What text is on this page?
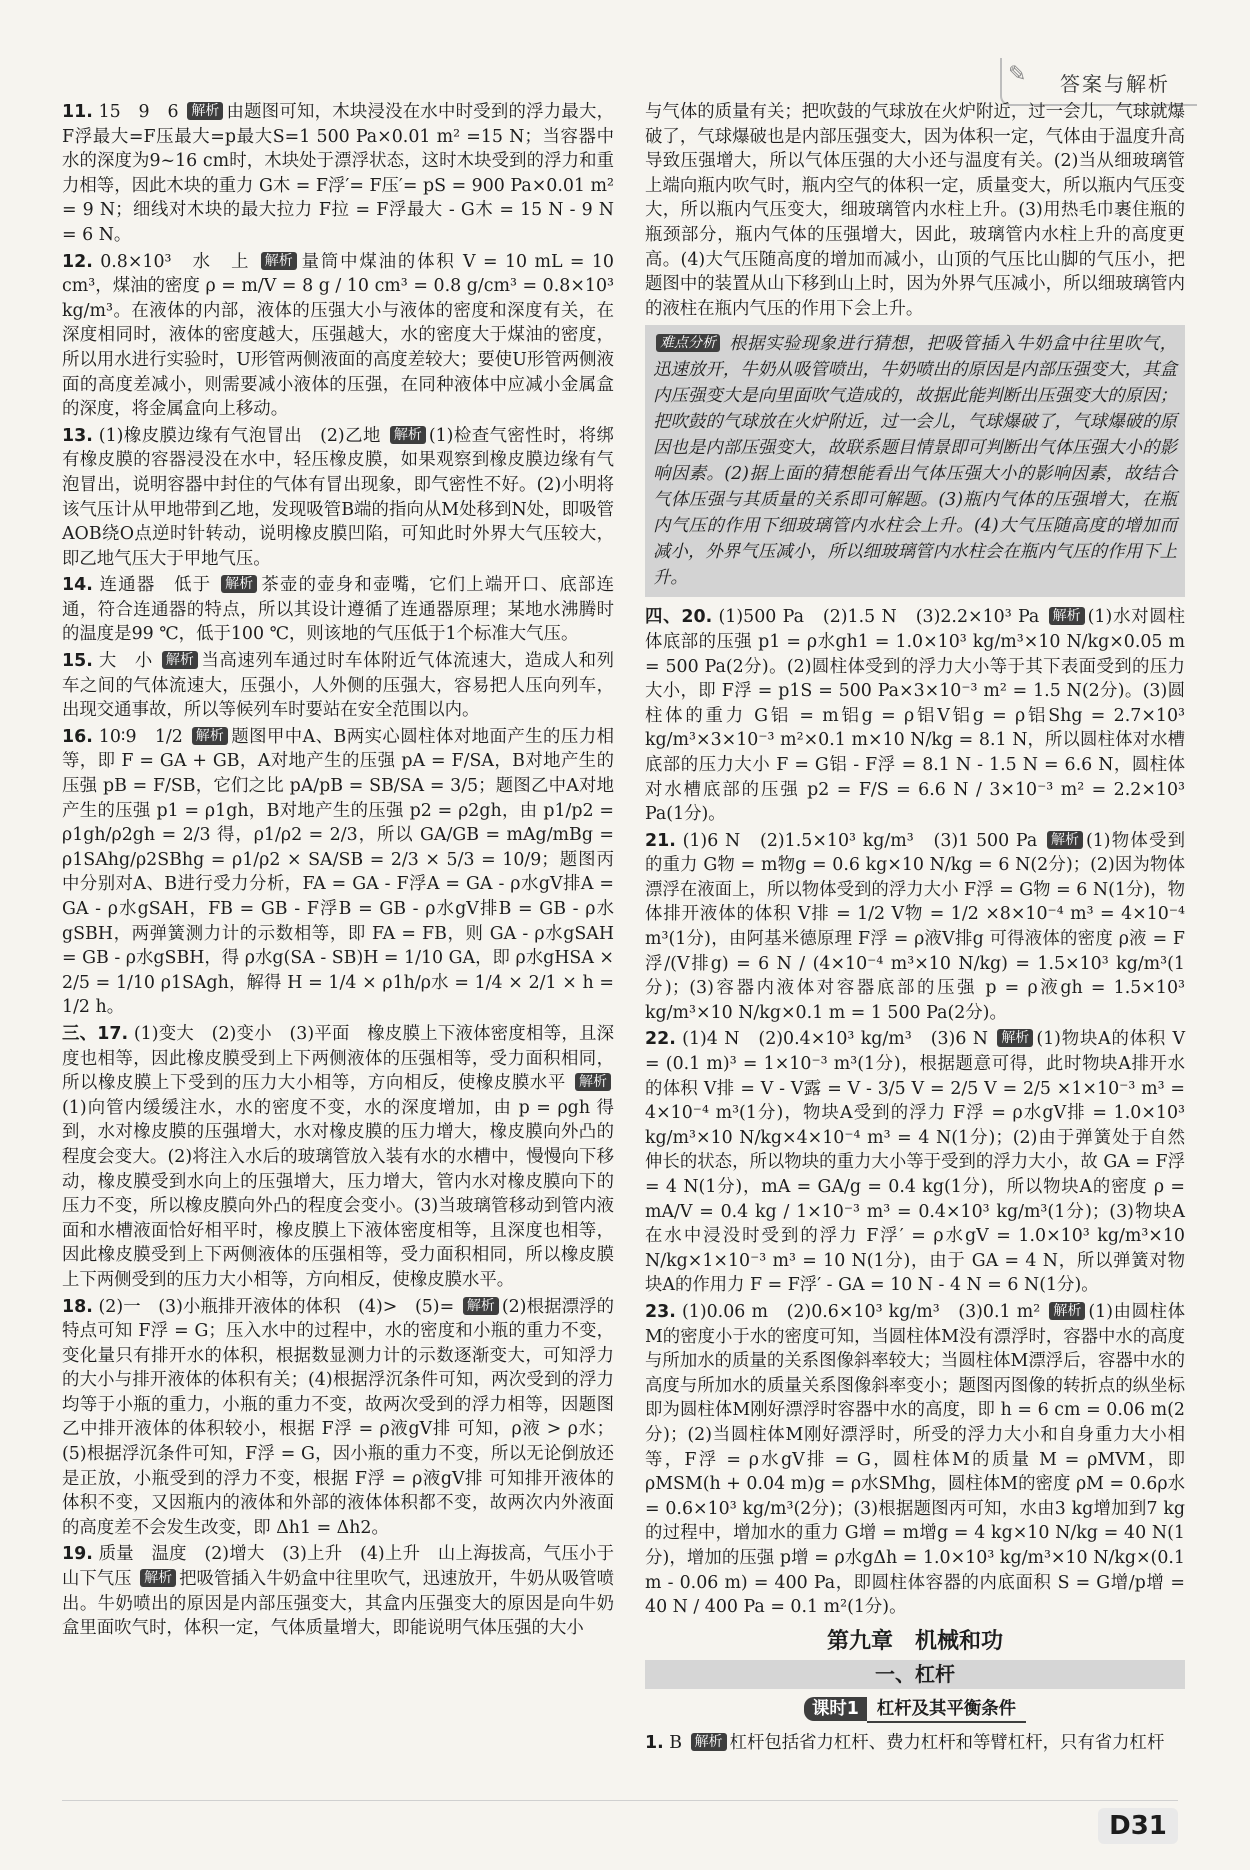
✎ 答案与解析
11. 15　9　6 解析 由题图可知，木块浸没在水中时受到的浮力最大，F浮最大=F压最大=p最大S=1 500 Pa×0.01 m² =15 N；当容器中水的深度为9~16 cm时，木块处于漂浮状态，这时木块受到的浮力和重力相等，因此木块的重力 G木 = F浮′= F压′= pS = 900 Pa×0.01 m² = 9 N；细线对木块的最大拉力 F拉 = F浮最大 - G木 = 15 N - 9 N = 6 N。
12. 0.8×10³　水　上 解析 量筒中煤油的体积 V = 10 mL = 10 cm³，煤油的密度 ρ = m/V = 8 g / 10 cm³ = 0.8 g/cm³ = 0.8×10³ kg/m³。在液体的内部，液体的压强大小与液体的密度和深度有关，在深度相同时，液体的密度越大，压强越大，水的密度大于煤油的密度，所以用水进行实验时，U形管两侧液面的高度差较大；要使U形管两侧液面的高度差减小，则需要减小液体的压强，在同种液体中应减小金属盒的深度，将金属盒向上移动。
13. (1)橡皮膜边缘有气泡冒出　(2)乙地 解析 (1)检查气密性时，将绑有橡皮膜的容器浸没在水中，轻压橡皮膜，如果观察到橡皮膜边缘有气泡冒出，说明容器中封住的气体有冒出现象，即气密性不好。(2)小明将该气压计从甲地带到乙地，发现吸管B端的指向从M处移到N处，即吸管AOB绕O点逆时针转动，说明橡皮膜凹陷，可知此时外界大气压较大，即乙地气压大于甲地气压。
14. 连通器　低于 解析 茶壶的壶身和壶嘴，它们上端开口、底部连通，符合连通器的特点，所以其设计遵循了连通器原理；某地水沸腾时的温度是99 ℃，低于100 ℃，则该地的气压低于1个标准大气压。
15. 大　小 解析 当高速列车通过时车体附近气体流速大，造成人和列车之间的气体流速大，压强小，人外侧的压强大，容易把人压向列车，出现交通事故，所以等候列车时要站在安全范围以内。
16. 10∶9　1/2 解析 题图甲中A、B两实心圆柱体对地面产生的压力相等，即 F = GA + GB，A对地产生的压强 pA = F/SA，B对地产生的压强 pB = F/SB，它们之比 pA/pB = SB/SA = 3/5；题图乙中A对地产生的压强 p1 = ρ1gh，B对地产生的压强 p2 = ρ2gh，由 p1/p2 = ρ1gh/ρ2gh = 2/3 得，ρ1/ρ2 = 2/3，所以 GA/GB = mAg/mBg = ρ1SAhg/ρ2SBhg = ρ1/ρ2 × SA/SB = 2/3 × 5/3 = 10/9；题图丙中分别对A、B进行受力分析，FA = GA - F浮A = GA - ρ水gV排A = GA - ρ水gSAH，FB = GB - F浮B = GB - ρ水gV排B = GB - ρ水gSBH，两弹簧测力计的示数相等，即 FA = FB，则 GA - ρ水gSAH = GB - ρ水gSBH，得 ρ水g(SA - SB)H = 1/10 GA，即 ρ水gHSA × 2/5 = 1/10 ρ1SAgh，解得 H = 1/4 × ρ1h/ρ水 = 1/4 × 2/1 × h = 1/2 h。
三、17. (1)变大　(2)变小　(3)平面　橡皮膜上下液体密度相等，且深度也相等，因此橡皮膜受到上下两侧液体的压强相等，受力面积相同，所以橡皮膜上下受到的压力大小相等，方向相反，使橡皮膜水平 解析(1)向管内缓缓注水，水的密度不变，水的深度增加，由 p = ρgh 得到，水对橡皮膜的压强增大，水对橡皮膜的压力增大，橡皮膜向外凸的程度会变大。(2)将注入水后的玻璃管放入装有水的水槽中，慢慢向下移动，橡皮膜受到水向上的压强增大，压力增大，管内水对橡皮膜向下的压力不变，所以橡皮膜向外凸的程度会变小。(3)当玻璃管移动到管内液面和水槽液面恰好相平时，橡皮膜上下液体密度相等，且深度也相等，因此橡皮膜受到上下两侧液体的压强相等，受力面积相同，所以橡皮膜上下两侧受到的压力大小相等，方向相反，使橡皮膜水平。
18. (2)一　(3)小瓶排开液体的体积　(4)>　(5)= 解析 (2)根据漂浮的特点可知 F浮 = G；压入水中的过程中，水的密度和小瓶的重力不变，变化量只有排开水的体积，根据数显测力计的示数逐渐变大，可知浮力的大小与排开液体的体积有关；(4)根据浮沉条件可知，两次受到的浮力均等于小瓶的重力，小瓶的重力不变，故两次受到的浮力相等，因题图乙中排开液体的体积较小，根据 F浮 = ρ液gV排 可知，ρ液 > ρ水；(5)根据浮沉条件可知，F浮 = G，因小瓶的重力不变，所以无论倒放还是正放，小瓶受到的浮力不变，根据 F浮 = ρ液gV排 可知排开液体的体积不变，又因瓶内的液体和外部的液体体积都不变，故两次内外液面的高度差不会发生改变，即 Δh1 = Δh2。
19. 质量　温度　(2)增大　(3)上升　(4)上升　山上海拔高，气压小于山下气压 解析 把吸管插入牛奶盒中往里吹气，迅速放开，牛奶从吸管喷出。牛奶喷出的原因是内部压强变大，其盒内压强变大的原因是向牛奶盒里面吹气时，体积一定，气体质量增大，即能说明气体压强的大小
与气体的质量有关；把吹鼓的气球放在火炉附近，过一会儿，气球就爆破了，气球爆破也是内部压强变大，因为体积一定，气体由于温度升高导致压强增大，所以气体压强的大小还与温度有关。(2)当从细玻璃管上端向瓶内吹气时，瓶内空气的体积一定，质量变大，所以瓶内气压变大，所以瓶内气压变大，细玻璃管内水柱上升。(3)用热毛巾裹住瓶的瓶颈部分，瓶内气体的压强增大，因此，玻璃管内水柱上升的高度更高。(4)大气压随高度的增加而减小，山顶的气压比山脚的气压小，把题图中的装置从山下移到山上时，因为外界气压减小，所以细玻璃管内的液柱在瓶内气压的作用下会上升。
难点分析 根据实验现象进行猜想，把吸管插入牛奶盒中往里吹气，迅速放开，牛奶从吸管喷出，牛奶喷出的原因是内部压强变大，其盒内压强变大是向里面吹气造成的，故据此能判断出压强变大的原因；把吹鼓的气球放在火炉附近，过一会儿，气球爆破了，气球爆破的原因也是内部压强变大，故联系题目情景即可判断出气体压强大小的影响因素。(2)据上面的猜想能看出气体压强大小的影响因素，故结合气体压强与其质量的关系即可解题。(3)瓶内气体的压强增大，在瓶内气压的作用下细玻璃管内水柱会上升。(4)大气压随高度的增加而减小，外界气压减小，所以细玻璃管内水柱会在瓶内气压的作用下上升。
四、20. (1)500 Pa　(2)1.5 N　(3)2.2×10³ Pa 解析 (1)水对圆柱体底部的压强 p1 = ρ水gh1 = 1.0×10³ kg/m³×10 N/kg×0.05 m = 500 Pa(2分)。(2)圆柱体受到的浮力大小等于其下表面受到的压力大小，即 F浮 = p1S = 500 Pa×3×10⁻³ m² = 1.5 N(2分)。(3)圆柱体的重力 G铝 = m铝g = ρ铝V铝g = ρ铝Shg = 2.7×10³ kg/m³×3×10⁻³ m²×0.1 m×10 N/kg = 8.1 N，所以圆柱体对水槽底部的压力大小 F = G铝 - F浮 = 8.1 N - 1.5 N = 6.6 N，圆柱体对水槽底部的压强 p2 = F/S = 6.6 N / 3×10⁻³ m² = 2.2×10³ Pa(1分)。
21. (1)6 N　(2)1.5×10³ kg/m³　(3)1 500 Pa 解析 (1)物体受到的重力 G物 = m物g = 0.6 kg×10 N/kg = 6 N(2分)；(2)因为物体漂浮在液面上，所以物体受到的浮力大小 F浮 = G物 = 6 N(1分)，物体排开液体的体积 V排 = 1/2 V物 = 1/2 ×8×10⁻⁴ m³ = 4×10⁻⁴ m³(1分)，由阿基米德原理 F浮 = ρ液V排g 可得液体的密度 ρ液 = F浮/(V排g) = 6 N / (4×10⁻⁴ m³×10 N/kg) = 1.5×10³ kg/m³(1分)；(3)容器内液体对容器底部的压强 p = ρ液gh = 1.5×10³ kg/m³×10 N/kg×0.1 m = 1 500 Pa(2分)。
22. (1)4 N　(2)0.4×10³ kg/m³　(3)6 N 解析 (1)物块A的体积 V = (0.1 m)³ = 1×10⁻³ m³(1分)，根据题意可得，此时物块A排开水的体积 V排 = V - V露 = V - 3/5 V = 2/5 V = 2/5 ×1×10⁻³ m³ = 4×10⁻⁴ m³(1分)，物块A受到的浮力 F浮 = ρ水gV排 = 1.0×10³ kg/m³×10 N/kg×4×10⁻⁴ m³ = 4 N(1分)；(2)由于弹簧处于自然伸长的状态，所以物块的重力大小等于受到的浮力大小，故 GA = F浮 = 4 N(1分)，mA = GA/g = 0.4 kg(1分)，所以物块A的密度 ρ = mA/V = 0.4 kg / 1×10⁻³ m³ = 0.4×10³ kg/m³(1分)；(3)物块A在水中浸没时受到的浮力 F浮′ = ρ水gV = 1.0×10³ kg/m³×10 N/kg×1×10⁻³ m³ = 10 N(1分)，由于 GA = 4 N，所以弹簧对物块A的作用力 F = F浮′ - GA = 10 N - 4 N = 6 N(1分)。
23. (1)0.06 m　(2)0.6×10³ kg/m³　(3)0.1 m² 解析 (1)由圆柱体M的密度小于水的密度可知，当圆柱体M没有漂浮时，容器中水的高度与所加水的质量的关系图像斜率较大；当圆柱体M漂浮后，容器中水的高度与所加水的质量关系图像斜率变小；题图丙图像的转折点的纵坐标即为圆柱体M刚好漂浮时容器中水的高度，即 h = 6 cm = 0.06 m(2分)；(2)当圆柱体M刚好漂浮时，所受的浮力大小和自身重力大小相等，F浮 = ρ水gV排 = G，圆柱体M的质量 M = ρMVM，即 ρMSM(h + 0.04 m)g = ρ水SMhg，圆柱体M的密度 ρM = 0.6ρ水 = 0.6×10³ kg/m³(2分)；(3)根据题图丙可知，水由3 kg增加到7 kg的过程中，增加水的重力 G增 = m增g = 4 kg×10 N/kg = 40 N(1分)，增加的压强 p增 = ρ水gΔh = 1.0×10³ kg/m³×10 N/kg×(0.1 m - 0.06 m) = 400 Pa，即圆柱体容器的内底面积 S = G增/p增 = 40 N / 400 Pa = 0.1 m²(1分)。
第九章　机械和功
一、杠杆
课时1 杠杆及其平衡条件
1. B 解析 杠杆包括省力杠杆、费力杠杆和等臂杠杆，只有省力杠杆
D31
